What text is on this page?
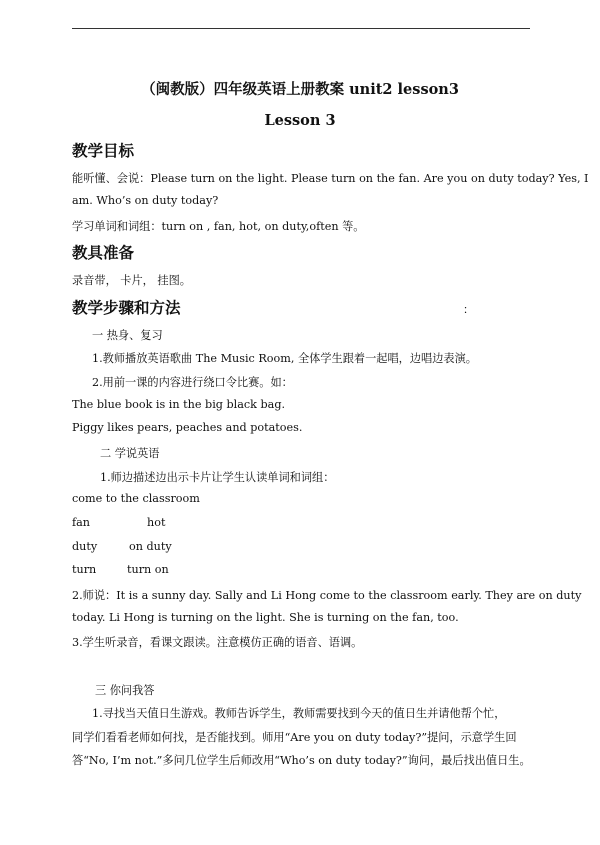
（闽教版）四年级英语上册教案 unit2 lesson3
Lesson 3
教学目标
能听懂、会说：Please turn on the light. Please turn on the fan. Are you on duty today? Yes, I
am. Who’s on duty today?
学习单词和词组：turn on , fan, hot, on duty,often 等。
教具准备
录音带， 卡片， 挂图。
教学步骤和方法	：
一 热身、复习
1.教师播放英语歌曲 The Music Room, 全体学生跟着一起唱，边唱边表演。
2.用前一课的内容进行绕口令比赛。如：
The blue book is in the big black bag.
Piggy likes pears, peaches and potatoes.
二 学说英语
1.师边描述边出示卡片让学生认读单词和词组：
come to the classroom
fan	hot
duty	on duty
turn	turn on
2.师说：It is a sunny day. Sally and Li Hong come to the classroom early. They are on duty
today. Li Hong is turning on the light. She is turning on the fan, too.
3.学生听录音，看课文跟读。注意模仿正确的语音、语调。
三 你问我答
1.寻找当天值日生游戏。教师告诉学生，教师需要找到今天的值日生并请他帮个忙，
同学们看看老师如何找，是否能找到。师用“Are you on duty today?”提问，示意学生回
答“No, I’m not.”多问几位学生后师改用“Who’s on duty today?”询问，最后找出值日生。
